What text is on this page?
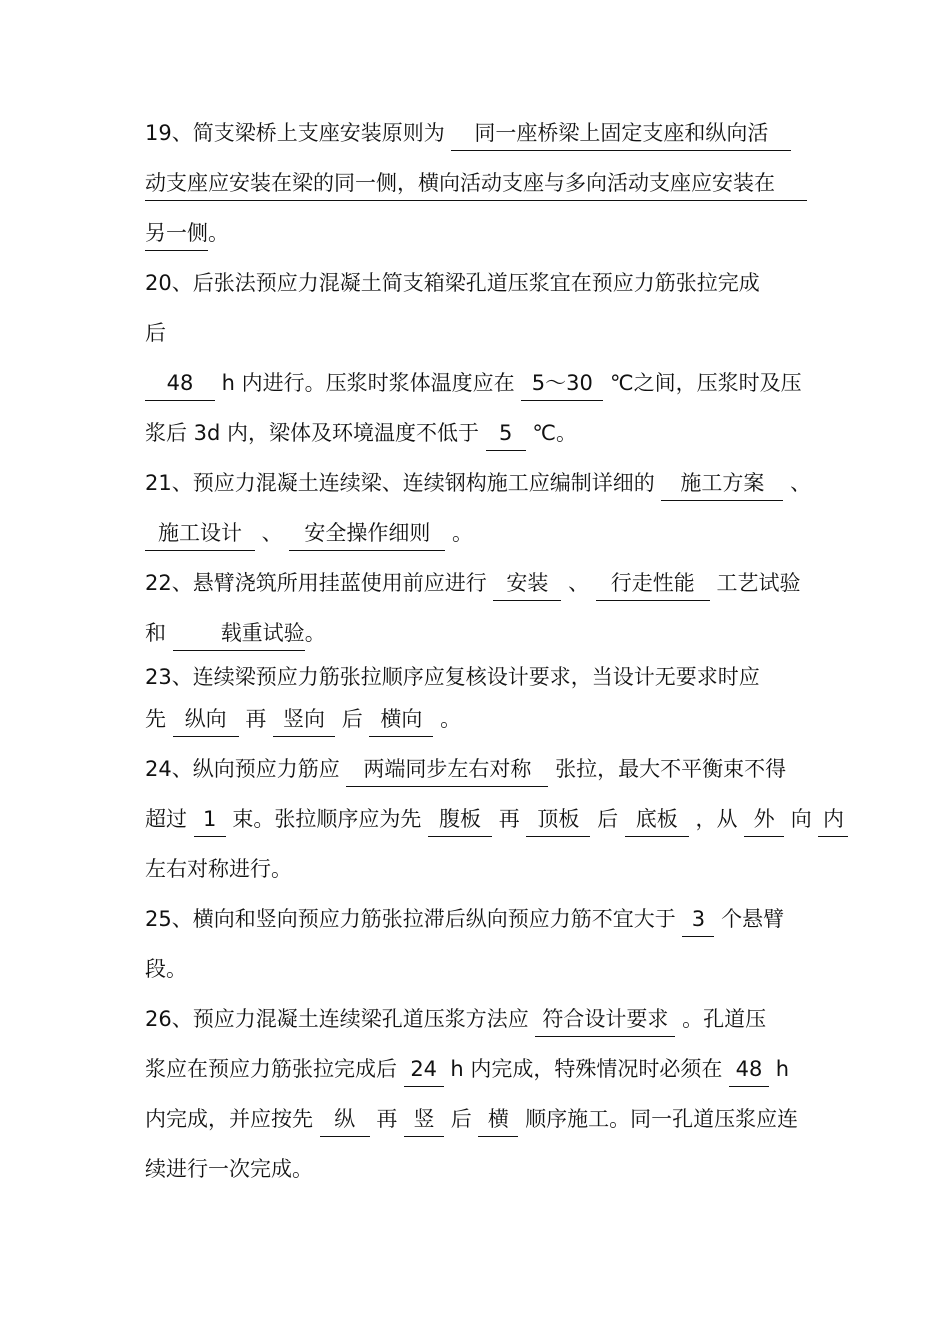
19、简支梁桥上支座安装原则为 同一座桥梁上固定支座和纵向活
动支座应安装在梁的同一侧，横向活动支座与多向活动支座应安装在
另一侧。
20、后张法预应力混凝土简支箱梁孔道压浆宜在预应力筋张拉完成
后
48 h 内进行。压浆时浆体温度应在 5～30 ℃之间，压浆时及压
浆后 3d 内，梁体及环境温度不低于 5 ℃。
21、预应力混凝土连续梁、连续钢构施工应编制详细的 施工方案 、
施工设计 、 安全操作细则 。
22、悬臂浇筑所用挂蓝使用前应进行 安装 、 行走性能 工艺试验
和 载重试验。
23、连续梁预应力筋张拉顺序应复核设计要求，当设计无要求时应
先 纵向 再 竖向 后 横向 。
24、纵向预应力筋应 两端同步左右对称 张拉，最大不平衡束不得
超过 1 束。张拉顺序应为先 腹板 再 顶板 后 底板 ，从 外 向 内
左右对称进行。
25、横向和竖向预应力筋张拉滞后纵向预应力筋不宜大于 3 个悬臂
段。
26、预应力混凝土连续梁孔道压浆方法应 符合设计要求 。孔道压
浆应在预应力筋张拉完成后 24 h 内完成，特殊情况时必须在 48 h
内完成，并应按先 纵 再 竖 后 横 顺序施工。同一孔道压浆应连
续进行一次完成。
